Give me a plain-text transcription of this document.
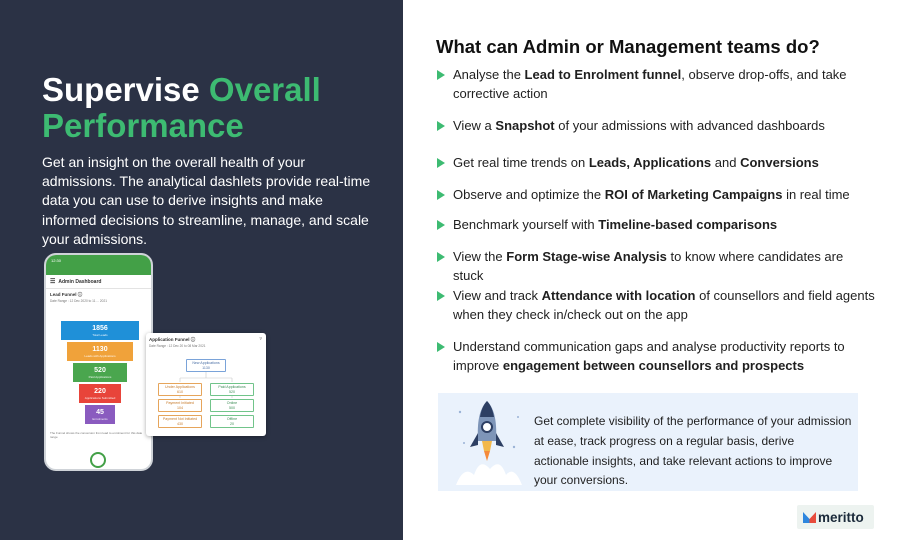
Supervise Overall Performance

Get an insight on the overall health of your admissions. The analytical dashlets provide real-time data you can use to derive insights and make informed decisions to streamline, manage, and scale your admissions.

12:30
☰ Admin Dashboard
Lead Funnel ⓘ
Date Range : 12 Dec 2020 to 11 ... 2021
1856
Total Leads
1130
Leads with Applications
520
Paid Applications
220
Applications Submitted
45
Enrolments
The Funnel shows the conversion from lead to enrolment for this date range
Application Funnel ⓘ
Date Range : 12 Dec 20 to 08 Mar 2021
▿
New Applications
1130
Under Applications
610
Paid Applications
520
Payment Initiated
104
Online
500
Payment Not Initiated
430
Offline
20
What can Admin or Management teams do?
Analyse the Lead to Enrolment funnel, observe drop-offs, and take corrective action
View a Snapshot of your admissions with advanced dashboards
Get real time trends on Leads, Applications and Conversions
Observe and optimize the ROI of Marketing Campaigns in real time
Benchmark yourself with Timeline-based comparisons
View the Form Stage-wise Analysis to know where candidates are stuck
View and track Attendance with location of counsellors and field agents when they check in/check out on the app
Understand communication gaps and analyse productivity reports to improve engagement between counsellors and prospects
Get complete visibility of the performance of your admission at ease, track progress on a regular basis, derive actionable insights, and take relevant actions to improve your conversions.
meritto
